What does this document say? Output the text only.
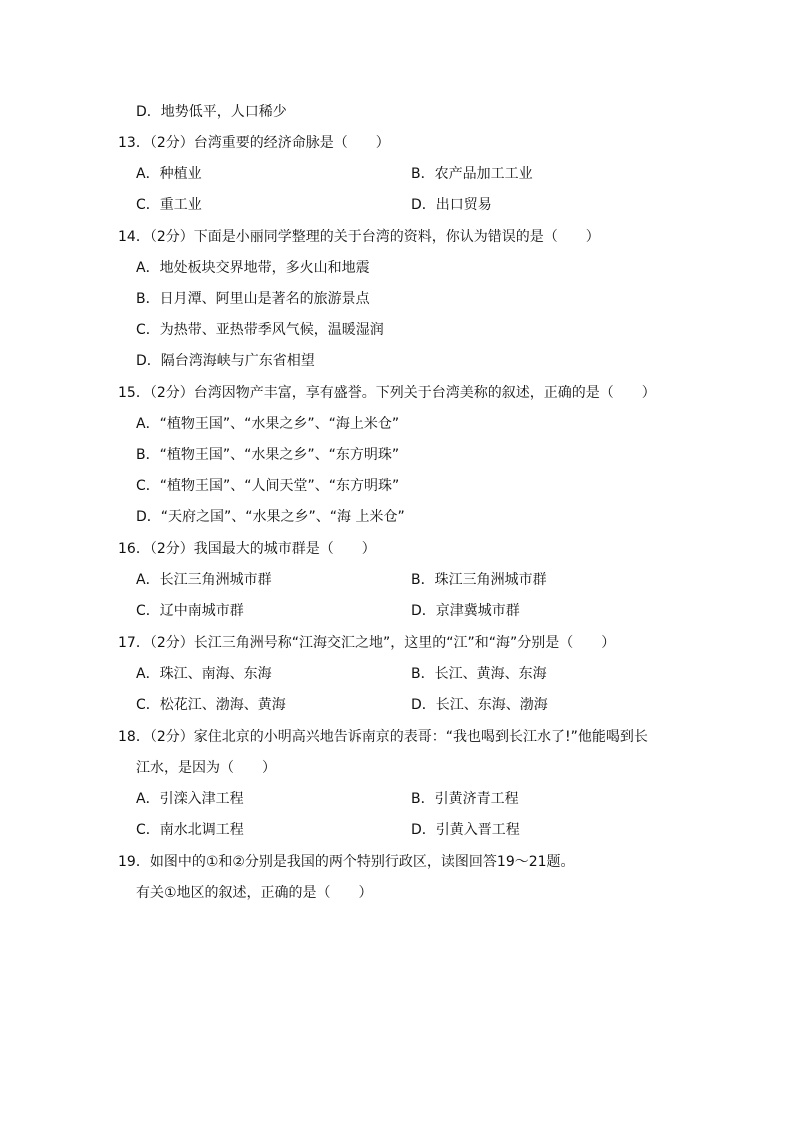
D．地势低平，人口稀少
13．（2分）台湾重要的经济命脉是（　　）
A．种植业	B．农产品加工工业
C．重工业	D．出口贸易
14．（2分）下面是小丽同学整理的关于台湾的资料，你认为错误的是（　　）
A．地处板块交界地带，多火山和地震
B．日月潭、阿里山是著名的旅游景点
C．为热带、亚热带季风气候，温暖湿润
D．隔台湾海峡与广东省相望
15．（2分）台湾因物产丰富，享有盛誉。下列关于台湾美称的叙述，正确的是（　　）
A．“植物王国”、“水果之乡”、“海上米仓”
B．“植物王国”、“水果之乡”、“东方明珠”
C．“植物王国”、“人间天堂”、“东方明珠”
D．“天府之国”、“水果之乡”、“海 上米仓”
16．（2分）我国最大的城市群是（　　）
A．长江三角洲城市群	B．珠江三角洲城市群
C．辽中南城市群	D．京津冀城市群
17．（2分）长江三角洲号称“江海交汇之地”，这里的“江”和“海”分别是（　　）
A．珠江、南海、东海	B．长江、黄海、东海
C．松花江、渤海、黄海	D．长江、东海、渤海
18．（2分）家住北京的小明高兴地告诉南京的表哥：“我也喝到长江水了!”他能喝到长
江水，是因为（　　）
A．引滦入津工程	B．引黄济青工程
C．南水北调工程	D．引黄入晋工程
19．如图中的①和②分别是我国的两个特别行政区，读图回答19～21题。
有关①地区的叙述，正确的是（　　）
